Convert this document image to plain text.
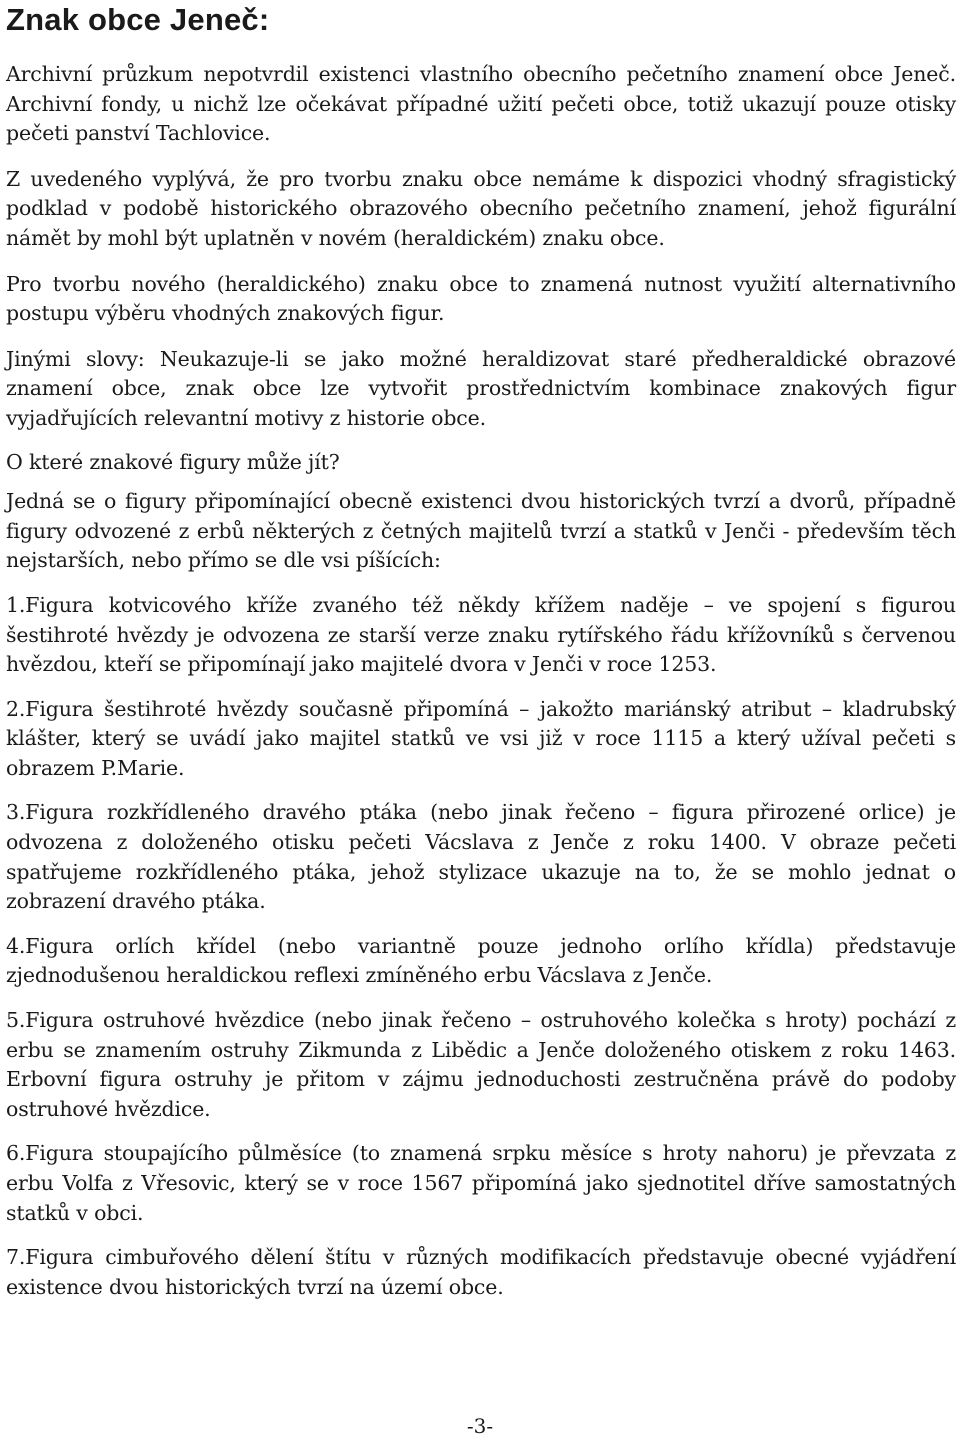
Znak obce Jeneč:

Archivní průzkum nepotvrdil existenci vlastního obecního pečetního znamení obce Jeneč. Archivní fondy, u nichž lze očekávat případné užití pečeti obce, totiž ukazují pouze otisky pečeti panství Tachlovice.

Z uvedeného vyplývá, že pro tvorbu znaku obce nemáme k dispozici vhodný sfragistický podklad v podobě historického obrazového obecního pečetního znamení, jehož figurální námět by mohl být uplatněn v novém (heraldickém) znaku obce.

Pro tvorbu nového (heraldického) znaku obce to znamená nutnost využití alternativního postupu výběru vhodných znakových figur.

Jinými slovy: Neukazuje-li se jako možné heraldizovat staré předheraldické obrazové znamení obce, znak obce lze vytvořit prostřednictvím kombinace znakových figur vyjadřujících relevantní motivy z historie obce.

O které znakové figury může jít?

Jedná se o figury připomínající obecně existenci dvou historických tvrzí a dvorů, případně figury odvozené z erbů některých z četných majitelů tvrzí a statků v Jenči - především těch nejstarších, nebo přímo se dle vsi píšících:

1.Figura kotvicového kříže zvaného též někdy křížem naděje – ve spojení s figurou šestihroté hvězdy je odvozena ze starší verze znaku rytířského řádu křížovníků s červenou hvězdou, kteří se připomínají jako majitelé dvora v Jenči v roce 1253.

2.Figura šestihroté hvězdy současně připomíná – jakožto mariánský atribut – kladrubský klášter, který se uvádí jako majitel statků ve vsi již v roce 1115 a který užíval pečeti s obrazem P.Marie.

3.Figura rozkřídleného dravého ptáka (nebo jinak řečeno – figura přirozené orlice) je odvozena z doloženého otisku pečeti Vácslava z Jenče z roku 1400. V obraze pečeti spatřujeme rozkřídleného ptáka, jehož stylizace ukazuje na to, že se mohlo jednat o zobrazení dravého ptáka.

4.Figura orlích křídel (nebo variantně pouze jednoho orlího křídla) představuje zjednodušenou heraldickou reflexi zmíněného erbu Vácslava z Jenče.

5.Figura ostruhové hvězdice (nebo jinak řečeno – ostruhového kolečka s hroty) pochází z erbu se znamením ostruhy Zikmunda z Libědic a Jenče doloženého otiskem z roku 1463. Erbovní figura ostruhy je přitom v zájmu jednoduchosti zestručněna právě do podoby ostruhové hvězdice.

6.Figura stoupajícího půlměsíce (to znamená srpku měsíce s hroty nahoru) je převzata z erbu Volfa z Vřesovic, který se v roce 1567 připomíná jako sjednotitel dříve samostatných statků v obci.

7.Figura cimbuřového dělení štítu v různých modifikacích představuje obecné vyjádření existence dvou historických tvrzí na území obce.

-3-
